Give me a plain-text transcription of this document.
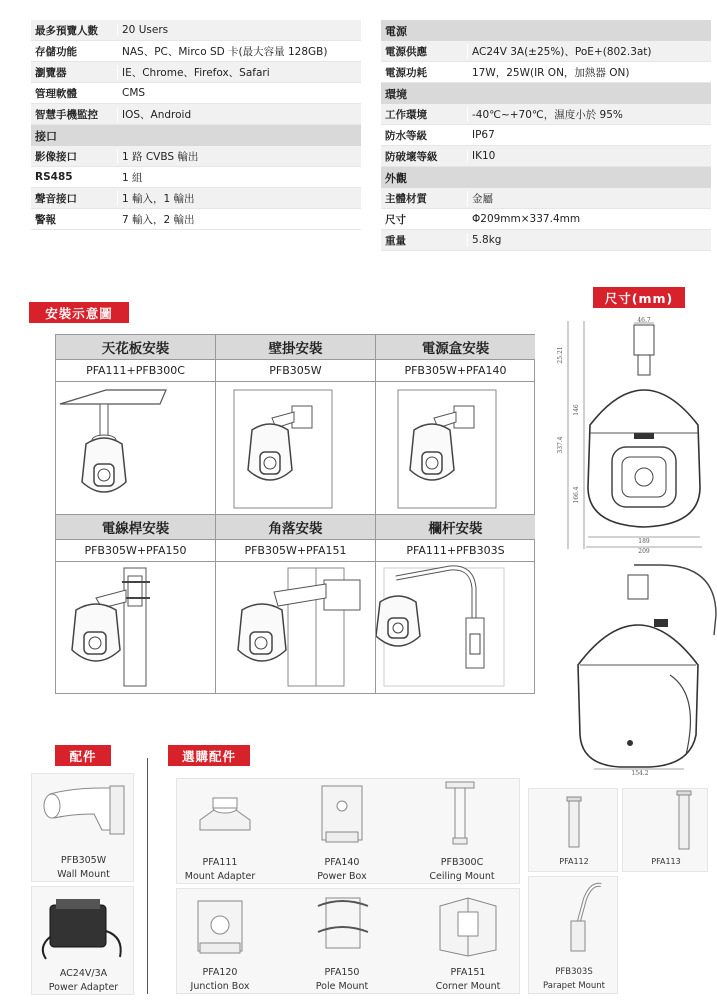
最多預覽人數	20 Users
存儲功能	NAS、PC、Mirco SD 卡(最大容量 128GB)
瀏覽器	IE、Chrome、Firefox、Safari
管理軟體	CMS
智慧手機監控	IOS、Android
接口
影像接口	1 路 CVBS 輸出
RS485	1 組
聲音接口	1 輸入，1 輸出
警報	7 輸入，2 輸出
電源
電源供應	AC24V 3A(±25%)、PoE+(802.3at)
電源功耗	17W，25W(IR ON，加熱器 ON)
環境
工作環境	-40℃~+70℃，濕度小於 95%
防水等級	IP67
防破壞等級	IK10
外觀
主體材質	金屬
尺寸	Φ209mm×337.4mm
重量	5.8kg
安裝示意圖
尺寸(mm)
天花板安裝	壁掛安裝	電源盒安裝
PFA111+PFB300C	PFB305W	PFB305W+PFA140
電線桿安裝	角落安裝	欄杆安裝
PFB305W+PFA150	PFB305W+PFA151	PFA111+PFB303S
46.7
25.21
146
337.4
166.4
189
209
154.2
配件	選購配件
PFB305W
Wall Mount
AC24V/3A
Power Adapter
PFA111
Mount Adapter
PFA140
Power Box
PFB300C
Ceiling Mount
PFA112	PFA113
PFA120
Junction Box
PFA150
Pole Mount
PFA151
Corner Mount
PFB303S
Parapet Mount
